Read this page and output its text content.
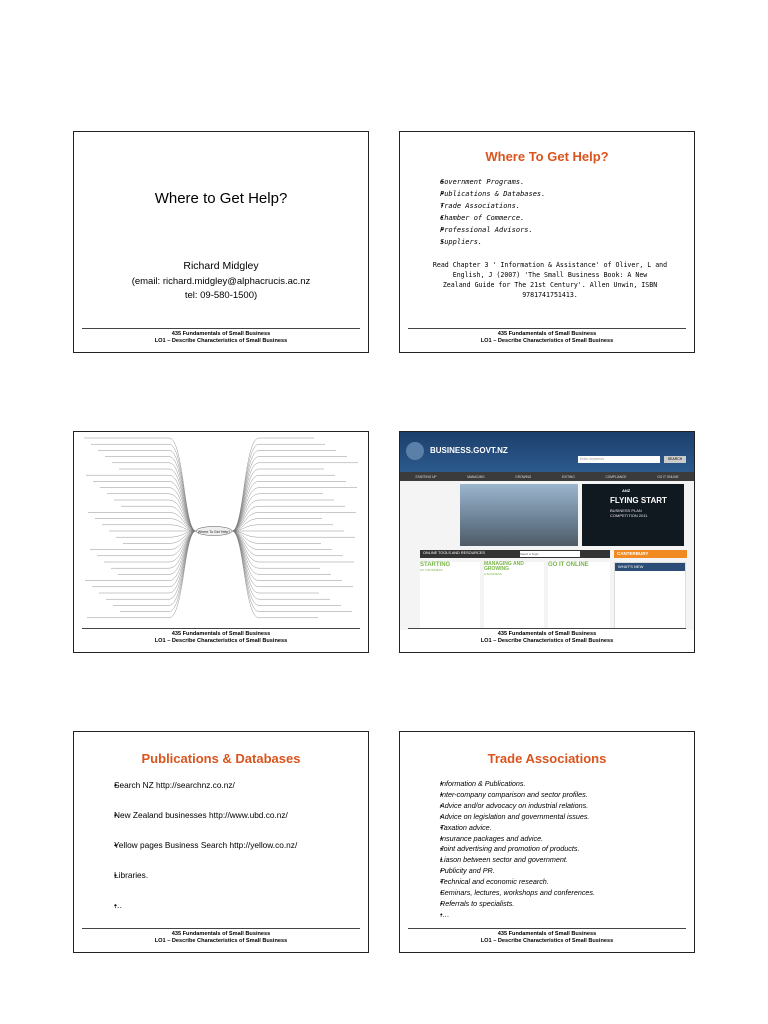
Where to Get Help?
Richard Midgley
(email: richard.midgley@alphacrucis.ac.nz
tel: 09-580-1500)
435 Fundamentals of Small Business
LO1 – Describe Characteristics of Small Business
Where To Get Help?
• Government Programs.
• Publications & Databases.
• Trade Associations.
• Chamber of Commerce.
• Professional Advisors.
• Suppliers.
Read Chapter 3 ' Information & Assistance' of Oliver, L and
English, J (2007) 'The Small Business Book: A New
Zealand Guide for The 21st Century'. Allen Unwin, ISBN
9781741751413.
435 Fundamentals of Small Business
LO1 – Describe Characteristics of Small Business
Where To Get Help?
435 Fundamentals of Small Business
LO1 – Describe Characteristics of Small Business
BUSINESS.GOVT.NZ
Enter keywords	SEARCH
STARTING UP	MANAGING	GROWING	EXITING	COMPLIANCE	GO IT ONLINE
ANZ
FLYING START
BUSINESS PLAN COMPETITION 2011
ONLINE TOOLS AND RESOURCES	Select a Topic	CANTERBURY
WHAT'S NEW
STARTING
UP A BUSINESS
MANAGING AND GROWING
A BUSINESS
GO IT ONLINE
435 Fundamentals of Small Business
LO1 – Describe Characteristics of Small Business
Publications & Databases
• Search NZ http://searchnz.co.nz/
• New Zealand businesses http://www.ubd.co.nz/
• Yellow pages Business Search http://yellow.co.nz/
• Libraries.
• …
435 Fundamentals of Small Business
LO1 – Describe Characteristics of Small Business
Trade Associations
• Information & Publications.
• Inter-company comparison and sector profiles.
• Advice and/or advocacy on industrial relations.
• Advice on legislation and governmental issues.
• Taxation advice.
• Insurance packages and advice.
• Joint advertising and promotion of products.
• Liason between sector and government.
• Publicity and PR.
• Technical and economic research.
• Seminars, lectures, workshops and conferences.
• Referrals to specialists.
• ….
435 Fundamentals of Small Business
LO1 – Describe Characteristics of Small Business
